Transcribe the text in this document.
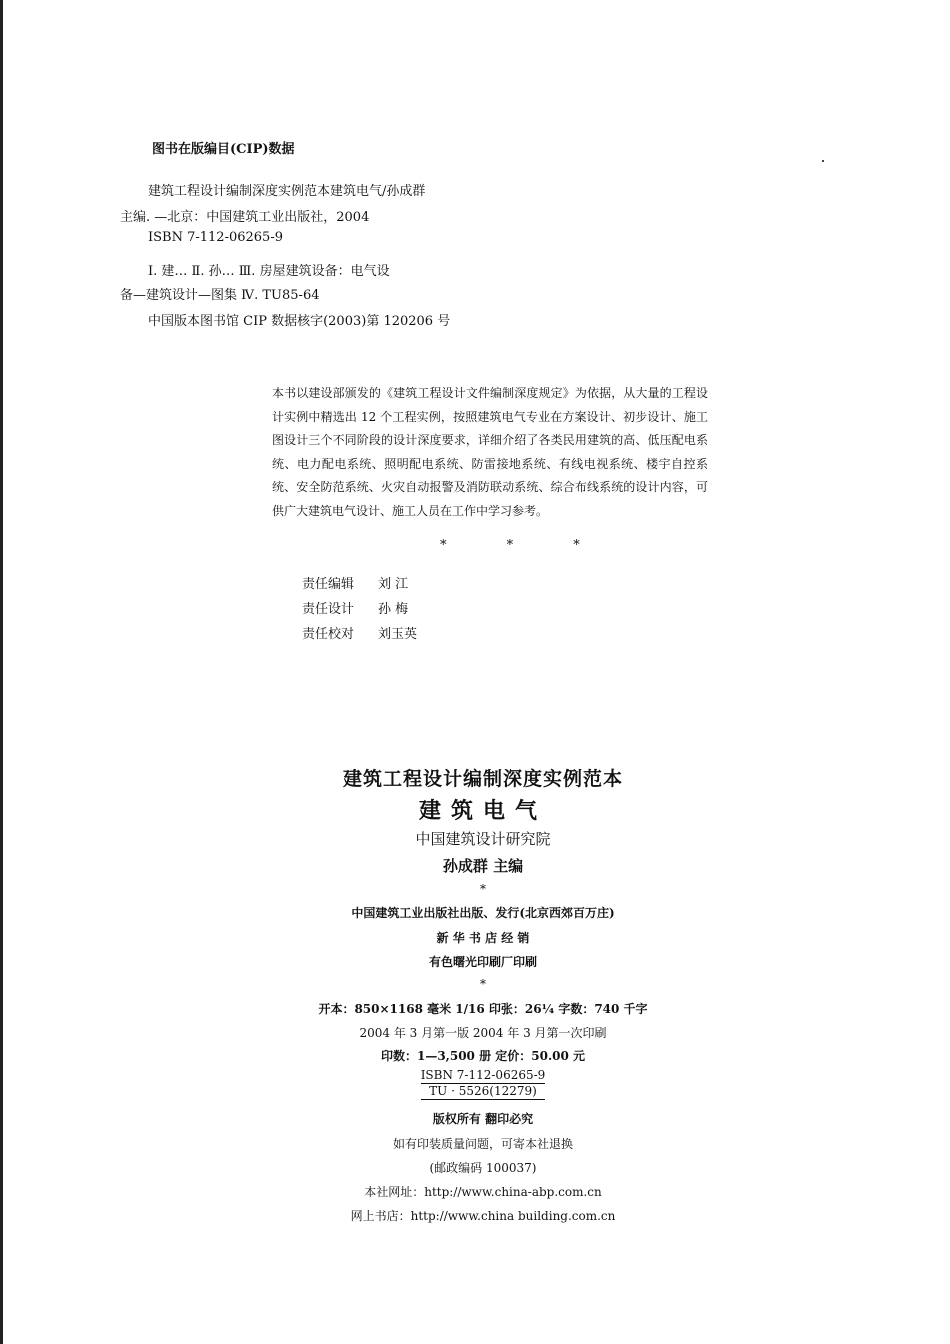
图书在版编目(CIP)数据
建筑工程设计编制深度实例范本建筑电气/孙成群
主编. —北京：中国建筑工业出版社，2004
ISBN 7-112-06265-9
Ⅰ. 建… Ⅱ. 孙… Ⅲ. 房屋建筑设备：电气设
备—建筑设计—图集 Ⅳ. TU85-64
中国版本图书馆 CIP 数据核字(2003)第 120206 号

本书以建设部颁发的《建筑工程设计文件编制深度规定》为依据，从大量的工程设计实例中精选出 12 个工程实例，按照建筑电气专业在方案设计、初步设计、施工图设计三个不同阶段的设计深度要求，详细介绍了各类民用建筑的高、低压配电系统、电力配电系统、照明配电系统、防雷接地系统、有线电视系统、楼宇自控系统、安全防范系统、火灾自动报警及消防联动系统、综合布线系统的设计内容，可供广大建筑电气设计、施工人员在工作中学习参考。

* * *
责任编辑	刘 江
责任设计	孙 梅
责任校对	刘玉英
建筑工程设计编制深度实例范本
建筑电气
中国建筑设计研究院
孙成群 主编
*
中国建筑工业出版社出版、发行(北京西郊百万庄)
新 华 书 店 经 销
有色曙光印刷厂印刷
*
开本：850×1168 毫米 1/16 印张：26¼ 字数：740 千字
2004 年 3 月第一版 2004 年 3 月第一次印刷
印数：1—3,500 册 定价：50.00 元
ISBN 7-112-06265-9
TU · 5526(12279)
版权所有 翻印必究
如有印装质量问题，可寄本社退换
(邮政编码 100037)
本社网址：http://www.china-abp.com.cn
网上书店：http://www.china building.com.cn
